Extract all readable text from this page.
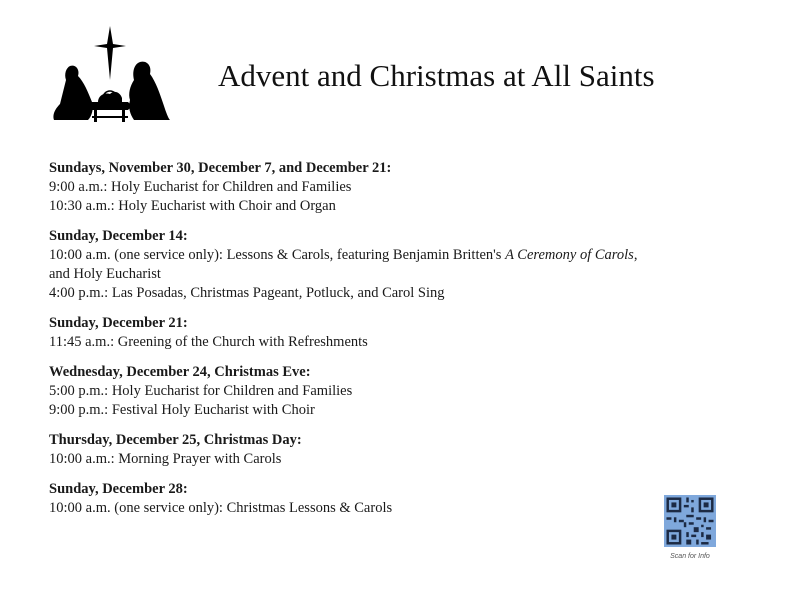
Advent and Christmas at All Saints
Sundays, November 30, December 7, and December 21:
9:00 a.m.: Holy Eucharist for Children and Families
10:30 a.m.: Holy Eucharist with Choir and Organ
Sunday, December 14:
10:00 a.m. (one service only): Lessons & Carols, featuring Benjamin Britten's A Ceremony of Carols,
and Holy Eucharist
4:00 p.m.: Las Posadas, Christmas Pageant, Potluck, and Carol Sing
Sunday, December 21:
11:45 a.m.: Greening of the Church with Refreshments
Wednesday, December 24, Christmas Eve:
5:00 p.m.: Holy Eucharist for Children and Families
9:00 p.m.: Festival Holy Eucharist with Choir
Thursday, December 25, Christmas Day:
10:00 a.m.: Morning Prayer with Carols
Sunday, December 28:
10:00 a.m. (one service only): Christmas Lessons & Carols
Scan for Info
